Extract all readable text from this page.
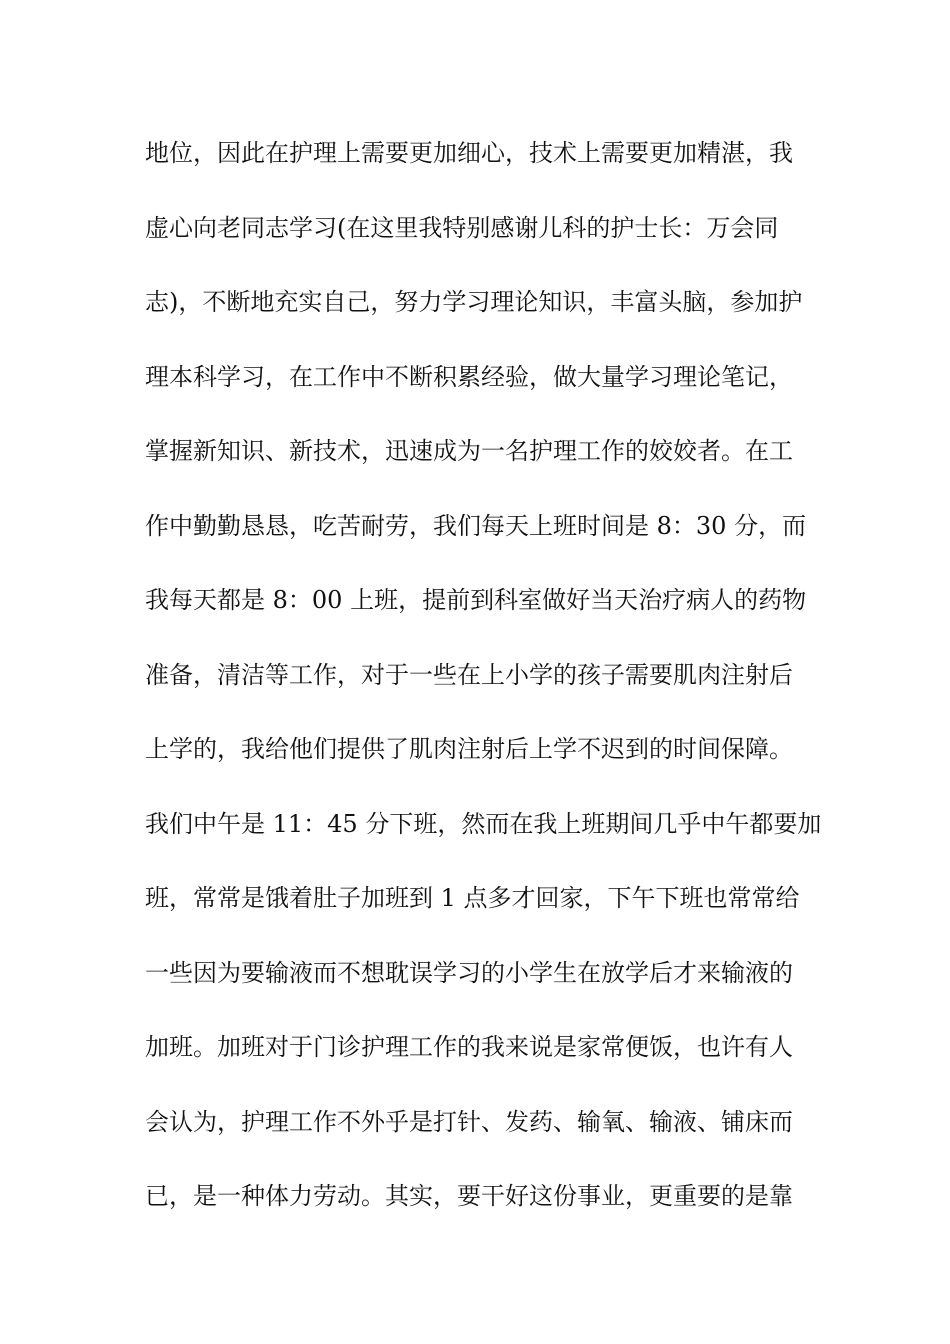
地位，因此在护理上需要更加细心，技术上需要更加精湛，我
虚心向老同志学习(在这里我特别感谢儿科的护士长：万会同
志)，不断地充实自己，努力学习理论知识，丰富头脑，参加护
理本科学习，在工作中不断积累经验，做大量学习理论笔记，
掌握新知识、新技术，迅速成为一名护理工作的姣姣者。在工
作中勤勤恳恳，吃苦耐劳，我们每天上班时间是 8：30 分，而
我每天都是 8：00 上班，提前到科室做好当天治疗病人的药物
准备，清洁等工作，对于一些在上小学的孩子需要肌肉注射后
上学的，我给他们提供了肌肉注射后上学不迟到的时间保障。
我们中午是 11：45 分下班，然而在我上班期间几乎中午都要加
班，常常是饿着肚子加班到 1 点多才回家，下午下班也常常给
一些因为要输液而不想耽误学习的小学生在放学后才来输液的
加班。加班对于门诊护理工作的我来说是家常便饭，也许有人
会认为，护理工作不外乎是打针、发药、输氧、输液、铺床而
已，是一种体力劳动。其实，要干好这份事业，更重要的是靠
